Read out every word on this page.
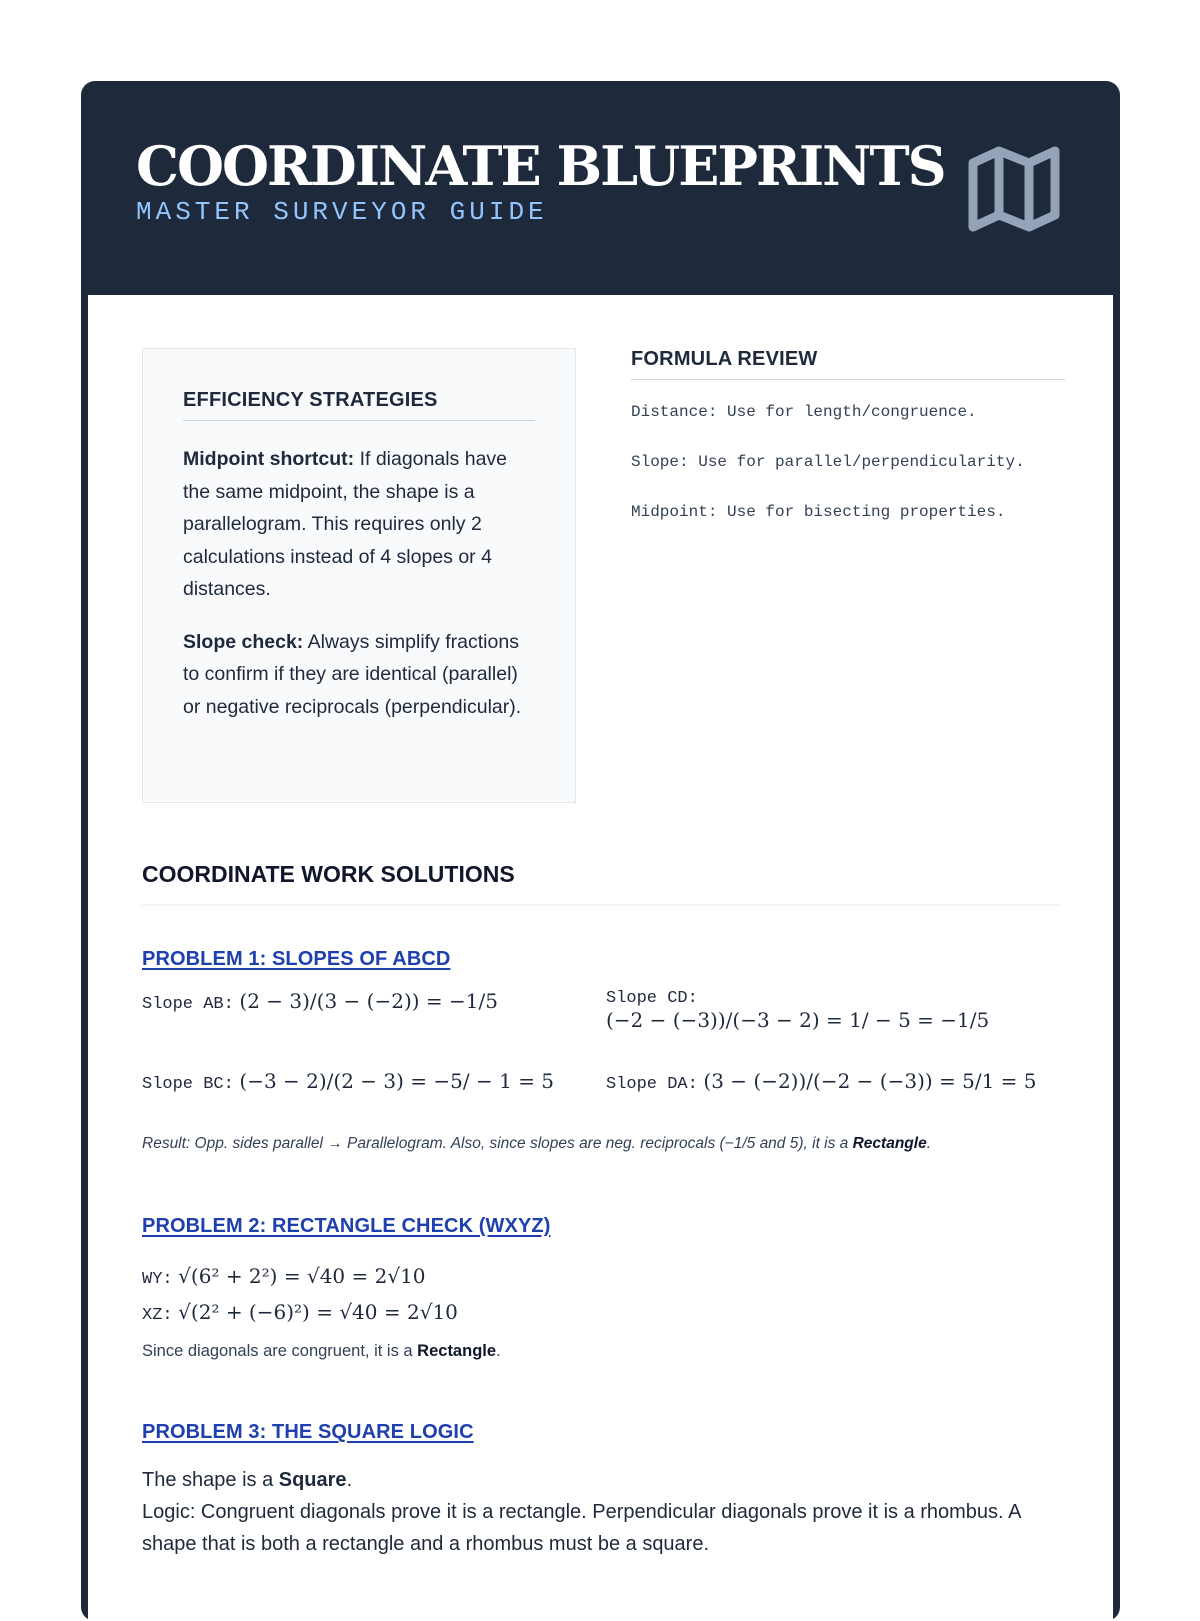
COORDINATE BLUEPRINTS
MASTER SURVEYOR GUIDE
EFFICIENCY STRATEGIES

Midpoint shortcut: If diagonals have the same midpoint, the shape is a parallelogram. This requires only 2 calculations instead of 4 slopes or 4 distances.

Slope check: Always simplify fractions to confirm if they are identical (parallel) or negative reciprocals (perpendicular).

FORMULA REVIEW
Distance: Use for length/congruence.
Slope: Use for parallel/perpendicularity.
Midpoint: Use for bisecting properties.
COORDINATE WORK SOLUTIONS
PROBLEM 1: SLOPES OF ABCD
Slope AB: (2 − 3)/(3 − (−2)) = −1/5	Slope CD:
(−2 − (−3))/(−3 − 2) = 1/ − 5 = −1/5
Slope BC: (−3 − 2)/(2 − 3) = −5/ − 1 = 5	Slope DA: (3 − (−2))/(−2 − (−3)) = 5/1 = 5

Result: Opp. sides parallel → Parallelogram. Also, since slopes are neg. reciprocals (−1/5 and 5), it is a Rectangle.

PROBLEM 2: RECTANGLE CHECK (WXYZ)
WY: √(6² + 2²) = √40 = 2√10
XZ: √(2² + (−6)²) = √40 = 2√10

Since diagonals are congruent, it is a Rectangle.

PROBLEM 3: THE SQUARE LOGIC
The shape is a Square.
Logic: Congruent diagonals prove it is a rectangle. Perpendicular diagonals prove it is a rhombus. A shape that is both a rectangle and a rhombus must be a square.
